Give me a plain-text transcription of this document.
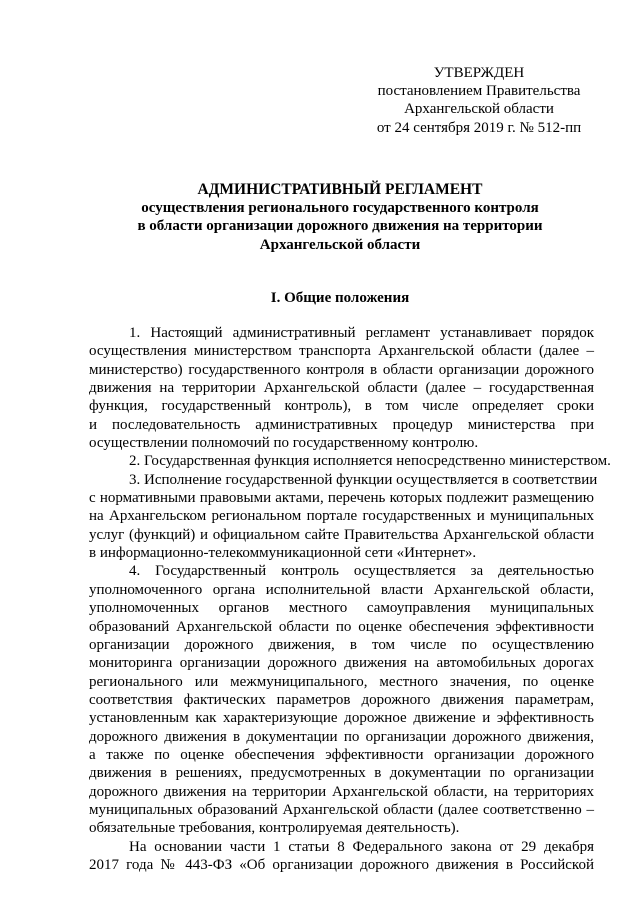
УТВЕРЖДЕН
постановлением Правительства
Архангельской области
от 24 сентября 2019 г. № 512-пп
АДМИНИСТРАТИВНЫЙ РЕГЛАМЕНТ
осуществления регионального государственного контроля
в области организации дорожного движения на территории
Архангельской области
I. Общие положения
1. Настоящий административный регламент устанавливает порядок
осуществления министерством транспорта Архангельской области (далее –
министерство) государственного контроля в области организации дорожного
движения на территории Архангельской области (далее – государственная
функция, государственный контроль), в том числе определяет сроки
и последовательность административных процедур министерства при
осуществлении полномочий по государственному контролю.
2. Государственная функция исполняется непосредственно министерством.
3. Исполнение государственной функции осуществляется в соответствии
с нормативными правовыми актами, перечень которых подлежит размещению
на Архангельском региональном портале государственных и муниципальных
услуг (функций) и официальном сайте Правительства Архангельской области
в информационно-телекоммуникационной сети «Интернет».
4. Государственный контроль осуществляется за деятельностью
уполномоченного органа исполнительной власти Архангельской области,
уполномоченных органов местного самоуправления муниципальных
образований Архангельской области по оценке обеспечения эффективности
организации дорожного движения, в том числе по осуществлению
мониторинга организации дорожного движения на автомобильных дорогах
регионального или межмуниципального, местного значения, по оценке
соответствия фактических параметров дорожного движения параметрам,
установленным как характеризующие дорожное движение и эффективность
дорожного движения в документации по организации дорожного движения,
а также по оценке обеспечения эффективности организации дорожного
движения в решениях, предусмотренных в документации по организации
дорожного движения на территории Архангельской области, на территориях
муниципальных образований Архангельской области (далее соответственно –
обязательные требования, контролируемая деятельность).
На основании части 1 статьи 8 Федерального закона от 29 декабря
2017 года № 443-ФЗ «Об организации дорожного движения в Российской
